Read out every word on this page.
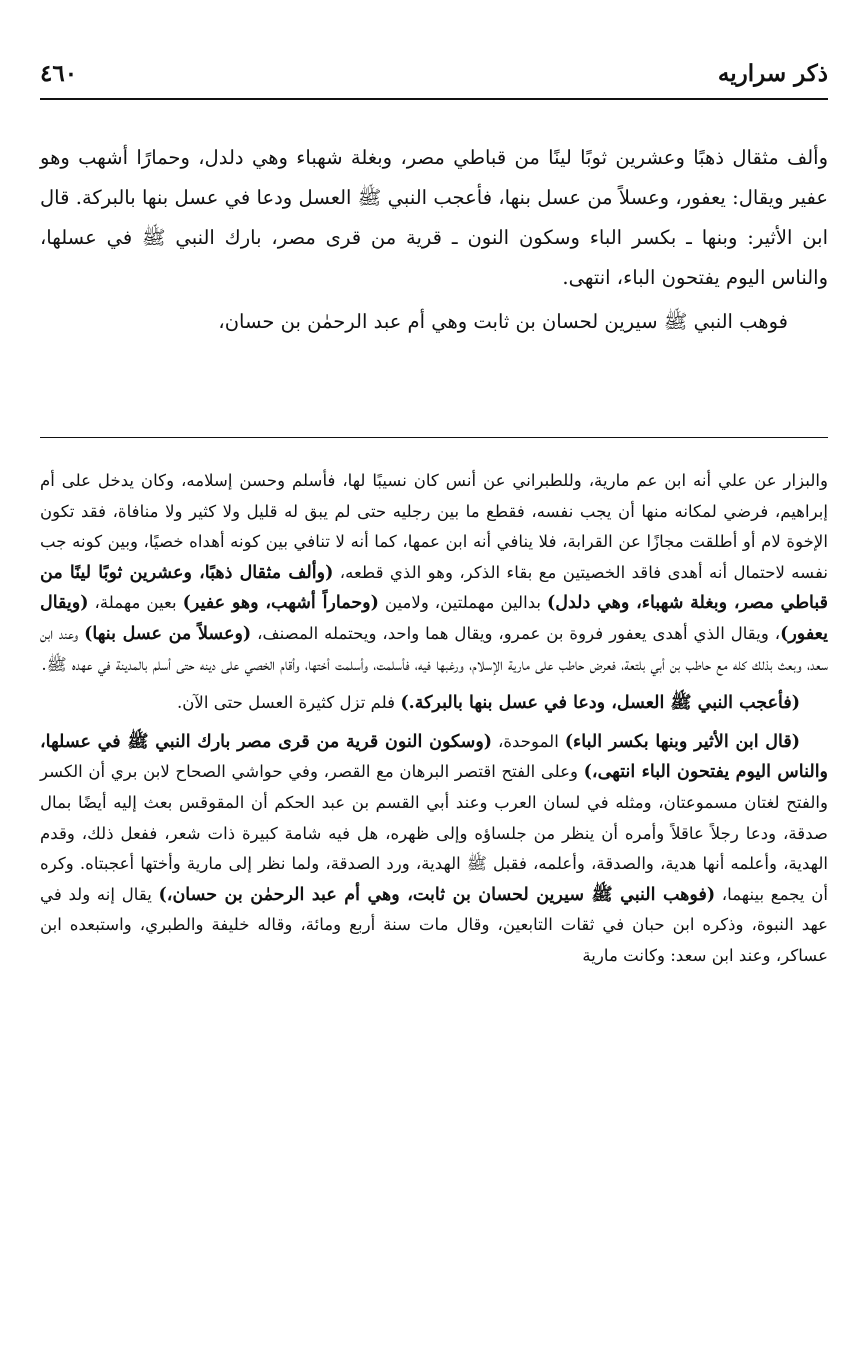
ذكر سراريه
٤٦٠

وألف مثقال ذهبًا وعشرين ثوبًا لينًا من قباطي مصر، وبغلة شهباء وهي دلدل، وحمارًا أشهب وهو عفير ويقال: يعفور، وعسلاً من عسل بنها، فأعجب النبي ﷺ العسل ودعا في عسل بنها بالبركة. قال ابن الأثير: وبنها ـ بكسر الباء وسكون النون ـ قرية من قرى مصر، بارك النبي ﷺ في عسلها، والناس اليوم يفتحون الباء، انتهى.

فوهب النبي ﷺ سيرين لحسان بن ثابت وهي أم عبد الرحمٰن بن حسان،

والبزار عن علي أنه ابن عم مارية، وللطبراني عن أنس كان نسيبًا لها، فأسلم وحسن إسلامه، وكان يدخل على أم إبراهيم، فرضي لمكانه منها أن يجب نفسه، فقطع ما بين رجليه حتى لم يبق له قليل ولا كثير ولا منافاة، فقد تكون الإخوة لام أو أطلقت مجازًا عن القرابة، فلا ينافي أنه ابن عمها، كما أنه لا تنافي بين كونه أهداه خصيًا، وبين كونه جب نفسه لاحتمال أنه أهدى فاقد الخصيتين مع بقاء الذكر، وهو الذي قطعه، (وألف مثقال ذهبًا، وعشرين ثوبًا لينًا من قباطي مصر، وبغلة شهباء، وهي دلدل) بدالين مهملتين، ولامين (وحماراً أشهب، وهو عفير) بعين مهملة، (ويقال يعفور)، ويقال الذي أهدى يعفور فروة بن عمرو، ويقال هما واحد، ويحتمله المصنف، (وعسلاً من عسل بنها) وعند ابن سعد، وبعث بذلك كله مع حاطب بن أبي بلتعة، فعرض حاطب على مارية الإسلام، ورغبها فيه، فأسلمت، وأسلمت أختها، وأقام الخصي على دينه حتى أسلم بالمدينة في عهده ﷺ.

(فأعجب النبي ﷺ العسل، ودعا في عسل بنها بالبركة.) فلم تزل كثيرة العسل حتى الآن.

(قال ابن الأثير وبنها بكسر الباء) الموحدة، (وسكون النون قرية من قرى مصر بارك النبي ﷺ في عسلها، والناس اليوم يفتحون الباء انتهى،) وعلى الفتح اقتصر البرهان مع القصر، وفي حواشي الصحاح لابن بري أن الكسر والفتح لغتان مسموعتان، ومثله في لسان العرب وعند أبي القسم بن عبد الحكم أن المقوقس بعث إليه أيضًا بمال صدقة، ودعا رجلاً عاقلاً وأمره أن ينظر من جلساؤه وإلى ظهره، هل فيه شامة كبيرة ذات شعر، ففعل ذلك، وقدم الهدية، وأعلمه أنها هدية، والصدقة، وأعلمه، فقبل ﷺ الهدية، ورد الصدقة، ولما نظر إلى مارية وأختها أعجبتاه. وكره أن يجمع بينهما، (فوهب النبي ﷺ سيرين لحسان بن ثابت، وهي أم عبد الرحمٰن بن حسان،) يقال إنه ولد في عهد النبوة، وذكره ابن حبان في ثقات التابعين، وقال مات سنة أربع ومائة، وقاله خليفة والطبري، واستبعده ابن عساكر، وعند ابن سعد: وكانت مارية
